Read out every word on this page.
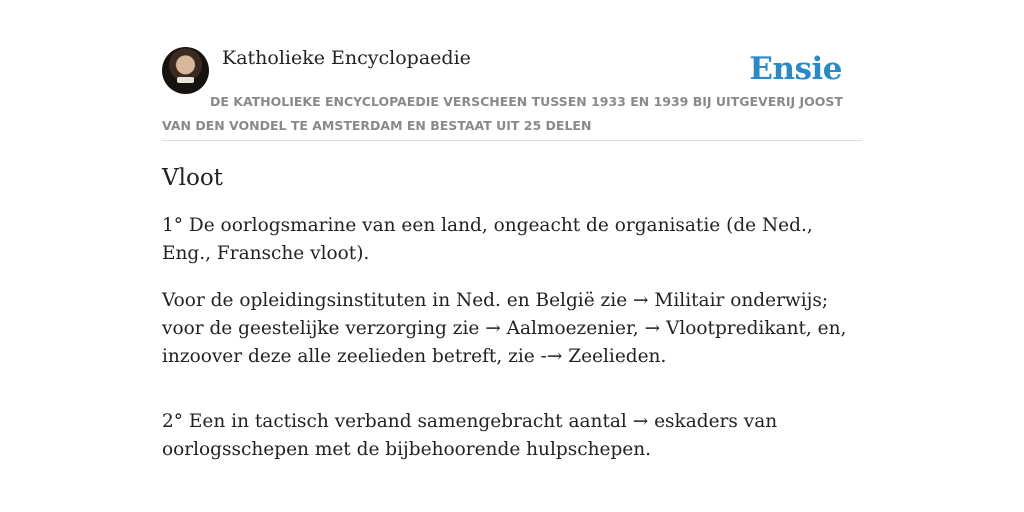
Katholieke Encyclopaedie	Ensie
DE KATHOLIEKE ENCYCLOPAEDIE VERSCHEEN TUSSEN 1933 EN 1939 BIJ UITGEVERIJ JOOST VAN DEN VONDEL TE AMSTERDAM EN BESTAAT UIT 25 DELEN
Vloot

1° De oorlogsmarine van een land, ongeacht de organisatie (de Ned., Eng., Fransche vloot).

Voor de opleidingsinstituten in Ned. en België zie → Militair onderwijs; voor de geestelijke verzorging zie → Aalmoezenier, → Vlootpredikant, en, inzoover deze alle zeelieden betreft, zie -→ Zeelieden.

2° Een in tactisch verband samengebracht aantal → eskaders van oorlogsschepen met de bijbehoorende hulpschepen.
